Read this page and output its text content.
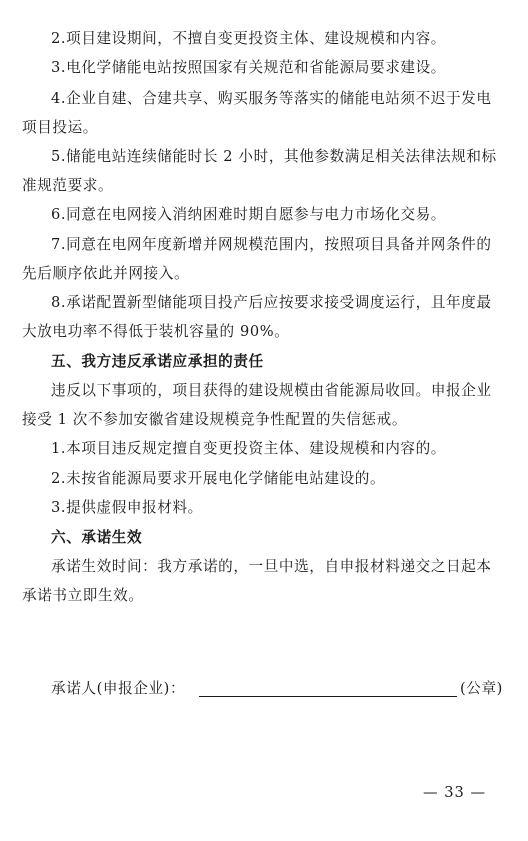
2.项目建设期间，不擅自变更投资主体、建设规模和内容。

3.电化学储能电站按照国家有关规范和省能源局要求建设。

4.企业自建、合建共享、购买服务等落实的储能电站须不迟于发电项目投运。

5.储能电站连续储能时长 2 小时，其他参数满足相关法律法规和标准规范要求。

6.同意在电网接入消纳困难时期自愿参与电力市场化交易。

7.同意在电网年度新增并网规模范围内，按照项目具备并网条件的先后顺序依此并网接入。

8.承诺配置新型储能项目投产后应按要求接受调度运行，且年度最大放电功率不得低于装机容量的 90%。

五、我方违反承诺应承担的责任

违反以下事项的，项目获得的建设规模由省能源局收回。申报企业接受 1 次不参加安徽省建设规模竞争性配置的失信惩戒。

1.本项目违反规定擅自变更投资主体、建设规模和内容的。

2.未按省能源局要求开展电化学储能电站建设的。

3.提供虚假申报材料。

六、承诺生效

承诺生效时间：我方承诺的，一旦中选，自申报材料递交之日起本承诺书立即生效。

承诺人(申报企业)：	(公章)
— 33 —
